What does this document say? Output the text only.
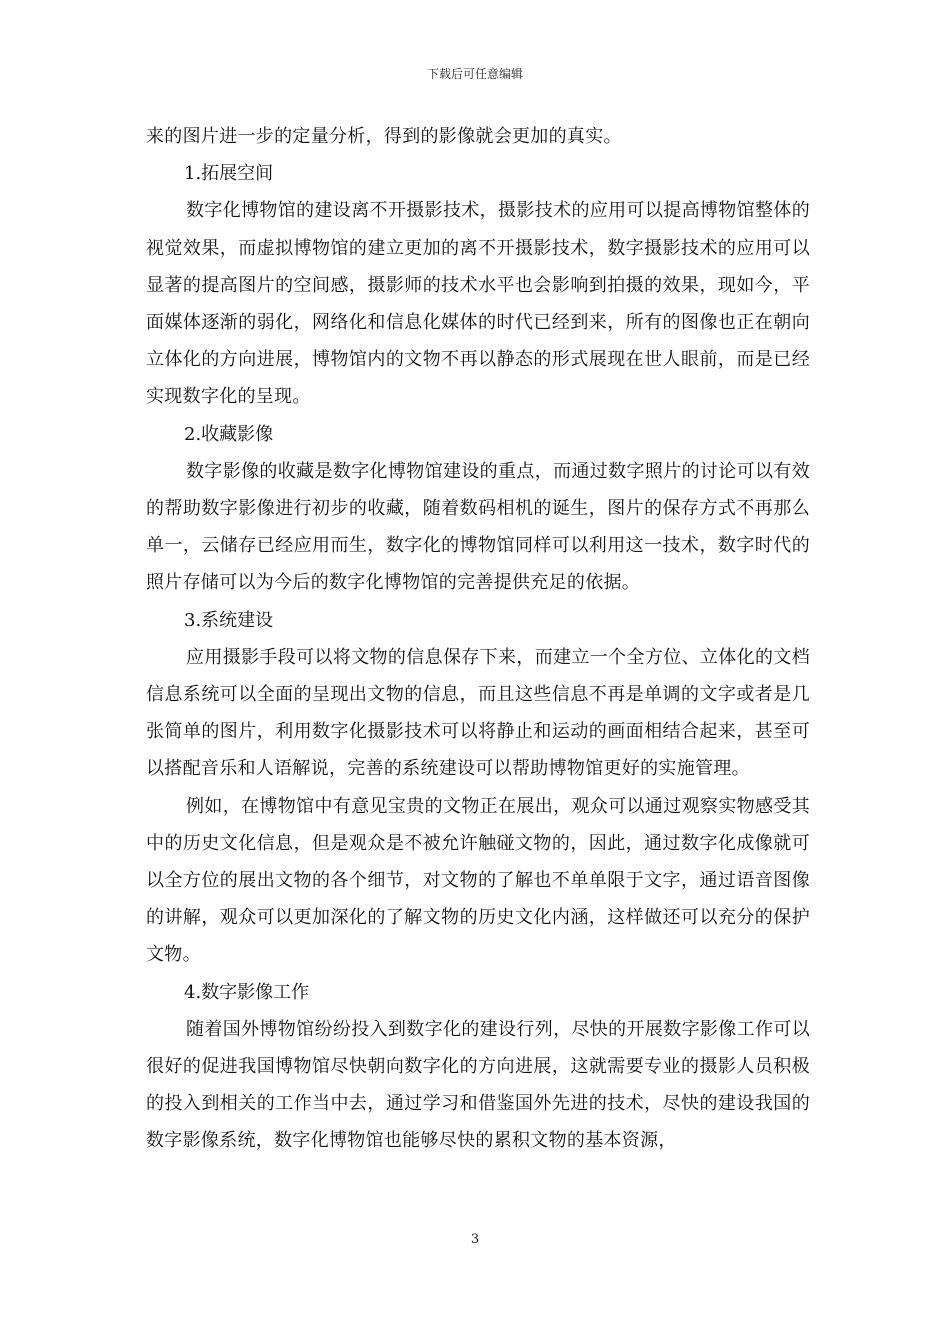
下载后可任意编辑

来的图片进一步的定量分析，得到的影像就会更加的真实。

1.拓展空间

数字化博物馆的建设离不开摄影技术，摄影技术的应用可以提高博物馆整体的视觉效果，而虚拟博物馆的建立更加的离不开摄影技术，数字摄影技术的应用可以显著的提高图片的空间感，摄影师的技术水平也会影响到拍摄的效果，现如今，平面媒体逐渐的弱化，网络化和信息化媒体的时代已经到来，所有的图像也正在朝向立体化的方向进展，博物馆内的文物不再以静态的形式展现在世人眼前，而是已经实现数字化的呈现。

2.收藏影像

数字影像的收藏是数字化博物馆建设的重点，而通过数字照片的讨论可以有效的帮助数字影像进行初步的收藏，随着数码相机的诞生，图片的保存方式不再那么单一，云储存已经应用而生，数字化的博物馆同样可以利用这一技术，数字时代的照片存储可以为今后的数字化博物馆的完善提供充足的依据。

3.系统建设

应用摄影手段可以将文物的信息保存下来，而建立一个全方位、立体化的文档信息系统可以全面的呈现出文物的信息，而且这些信息不再是单调的文字或者是几张简单的图片，利用数字化摄影技术可以将静止和运动的画面相结合起来，甚至可以搭配音乐和人语解说，完善的系统建设可以帮助博物馆更好的实施管理。

例如，在博物馆中有意见宝贵的文物正在展出，观众可以通过观察实物感受其中的历史文化信息，但是观众是不被允许触碰文物的，因此，通过数字化成像就可以全方位的展出文物的各个细节，对文物的了解也不单单限于文字，通过语音图像的讲解，观众可以更加深化的了解文物的历史文化内涵，这样做还可以充分的保护文物。

4.数字影像工作

随着国外博物馆纷纷投入到数字化的建设行列，尽快的开展数字影像工作可以很好的促进我国博物馆尽快朝向数字化的方向进展，这就需要专业的摄影人员积极的投入到相关的工作当中去，通过学习和借鉴国外先进的技术，尽快的建设我国的数字影像系统，数字化博物馆也能够尽快的累积文物的基本资源，

3
